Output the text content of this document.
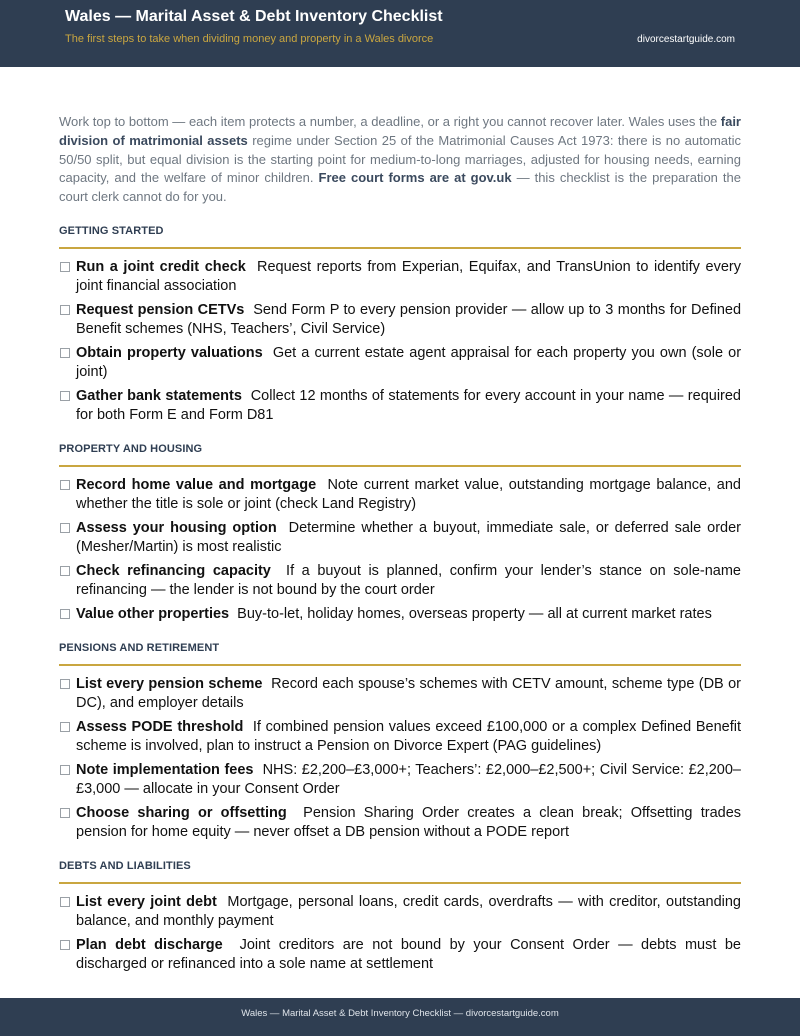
Wales — Marital Asset & Debt Inventory Checklist
The first steps to take when dividing money and property in a Wales divorce	divorcestartguide.com

Work top to bottom — each item protects a number, a deadline, or a right you cannot recover later. Wales uses the fair division of matrimonial assets regime under Section 25 of the Matrimonial Causes Act 1973: there is no automatic 50/50 split, but equal division is the starting point for medium-to-long marriages, adjusted for housing needs, earning capacity, and the welfare of minor children. Free court forms are at gov.uk — this checklist is the preparation the court clerk cannot do for you.

GETTING STARTED
Run a joint credit check Request reports from Experian, Equifax, and TransUnion to identify every joint financial association
Request pension CETVs Send Form P to every pension provider — allow up to 3 months for Defined Benefit schemes (NHS, Teachers’, Civil Service)
Obtain property valuations Get a current estate agent appraisal for each property you own (sole or joint)
Gather bank statements Collect 12 months of statements for every account in your name — required for both Form E and Form D81
PROPERTY AND HOUSING
Record home value and mortgage Note current market value, outstanding mortgage balance, and whether the title is sole or joint (check Land Registry)
Assess your housing option Determine whether a buyout, immediate sale, or deferred sale order (Mesher/Martin) is most realistic
Check refinancing capacity If a buyout is planned, confirm your lender’s stance on sole-name refinancing — the lender is not bound by the court order
Value other properties Buy-to-let, holiday homes, overseas property — all at current market rates
PENSIONS AND RETIREMENT
List every pension scheme Record each spouse’s schemes with CETV amount, scheme type (DB or DC), and employer details
Assess PODE threshold If combined pension values exceed £100,000 or a complex Defined Benefit scheme is involved, plan to instruct a Pension on Divorce Expert (PAG guidelines)
Note implementation fees NHS: £2,200–£3,000+; Teachers’: £2,000–£2,500+; Civil Service: £2,200–£3,000 — allocate in your Consent Order
Choose sharing or offsetting Pension Sharing Order creates a clean break; Offsetting trades pension for home equity — never offset a DB pension without a PODE report
DEBTS AND LIABILITIES
List every joint debt Mortgage, personal loans, credit cards, overdrafts — with creditor, outstanding balance, and monthly payment
Plan debt discharge Joint creditors are not bound by your Consent Order — debts must be discharged or refinanced into a sole name at settlement
Wales — Marital Asset & Debt Inventory Checklist — divorcestartguide.com
